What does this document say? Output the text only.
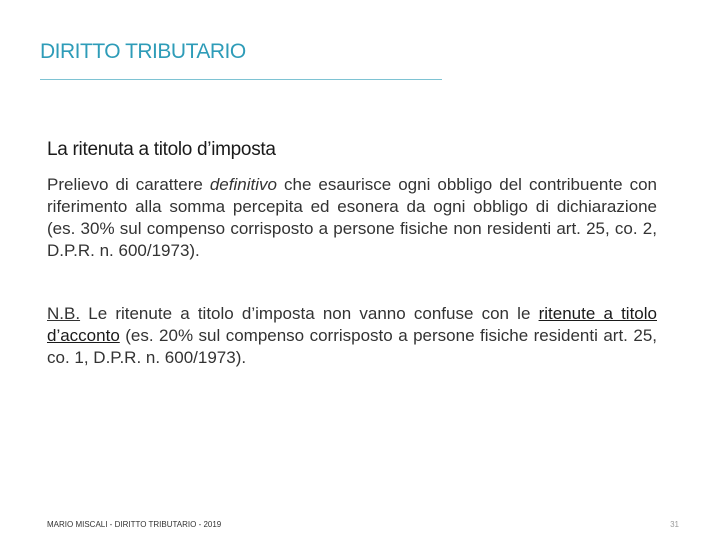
DIRITTO TRIBUTARIO
La ritenuta a titolo d’imposta

Prelievo di carattere definitivo che esaurisce ogni obbligo del contribuente con riferimento alla somma percepita ed esonera da ogni obbligo di dichiarazione (es. 30% sul compenso corrisposto a persone fisiche non residenti art. 25, co. 2, D.P.R. n. 600/1973).

N.B. Le ritenute a titolo d’imposta non vanno confuse con le ritenute a titolo d’acconto (es. 20% sul compenso corrisposto a persone fisiche residenti art. 25, co. 1, D.P.R. n. 600/1973).

MARIO MISCALI - DIRITTO TRIBUTARIO - 2019	31
